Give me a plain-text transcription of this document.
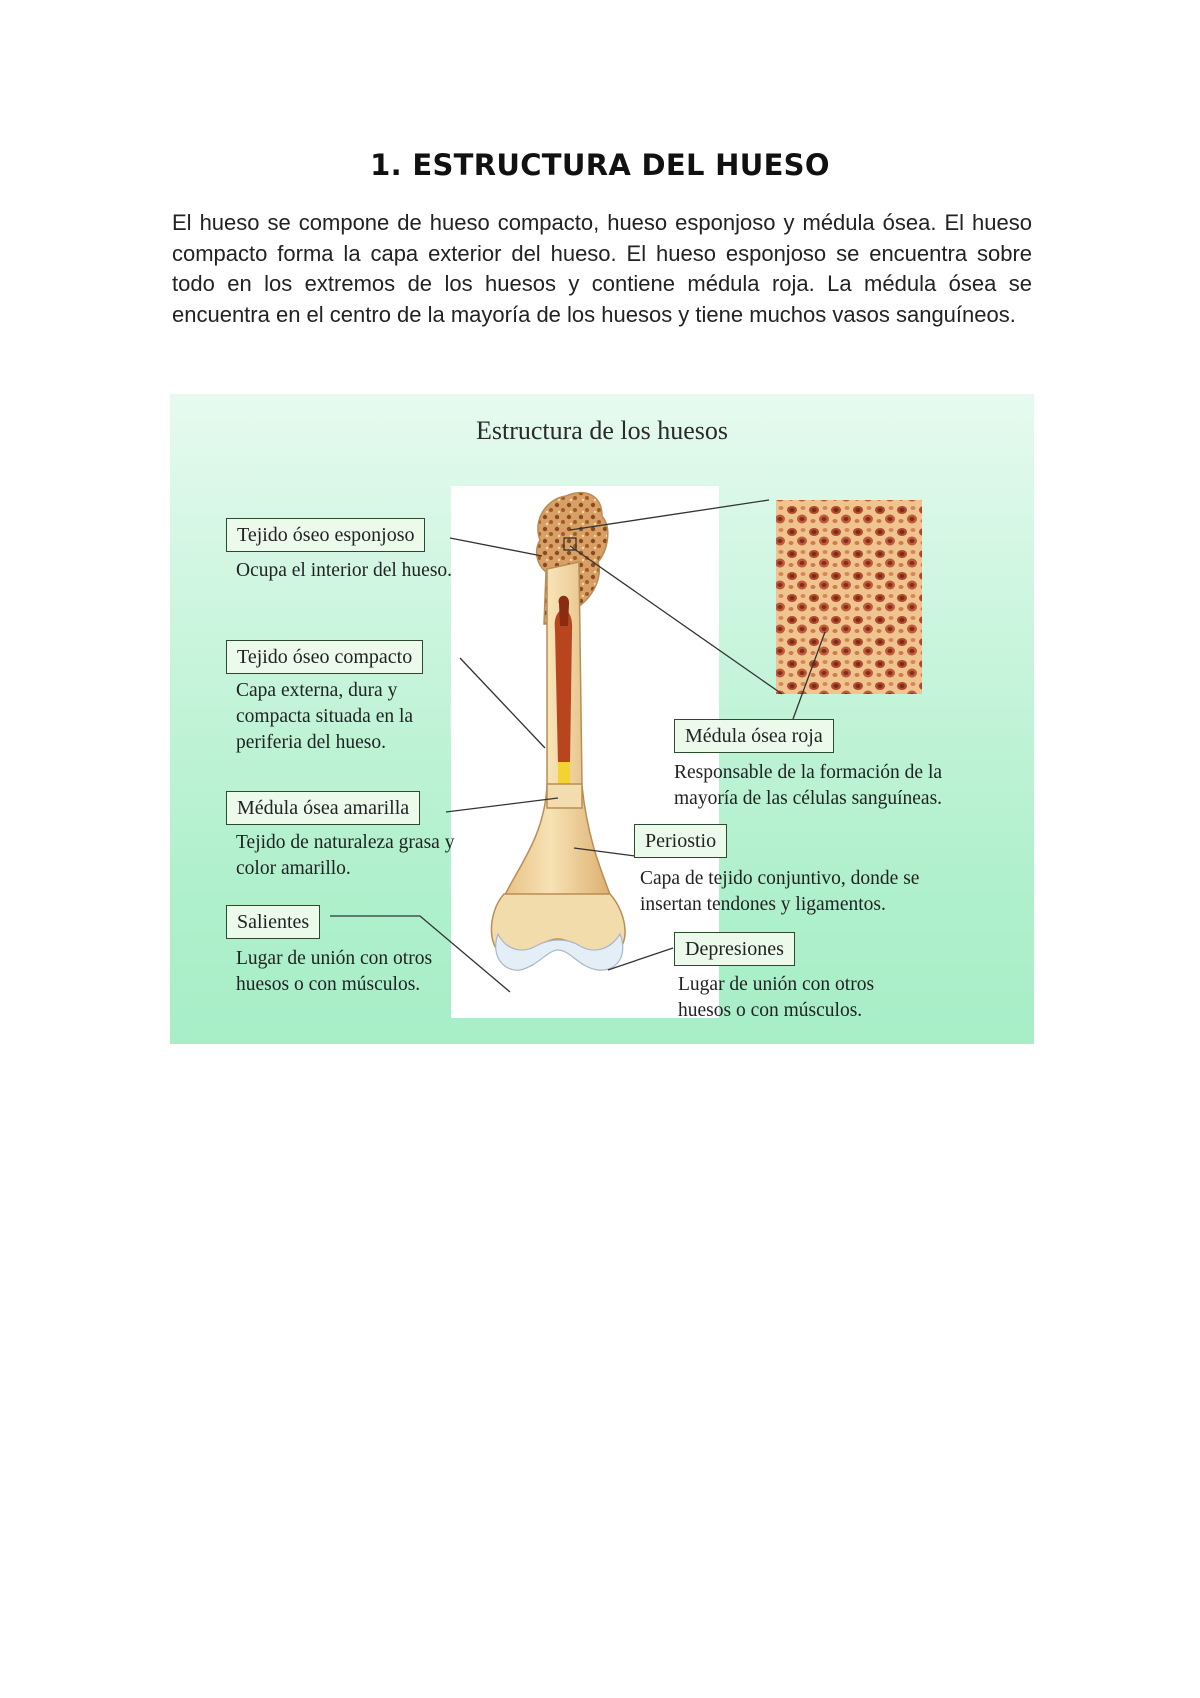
1. ESTRUCTURA DEL HUESO
El hueso se compone de hueso compacto, hueso esponjoso y médula ósea. El hueso compacto forma la capa exterior del hueso. El hueso esponjoso se encuentra sobre todo en los extremos de los huesos y contiene médula roja. La médula ósea se encuentra en el centro de la mayoría de los huesos y tiene muchos vasos sanguíneos.
Estructura de los huesos
Tejido óseo esponjoso
Ocupa el interior del hueso.
Tejido óseo compacto
Capa externa, dura y
compacta situada en la
periferia del hueso.
Médula ósea amarilla
Tejido de naturaleza grasa y
color amarillo.
Salientes
Lugar de unión con otros
huesos o con músculos.
Médula ósea roja
Responsable de la formación de la
mayoría de las células sanguíneas.
Periostio
Capa de tejido conjuntivo, donde se
insertan tendones y ligamentos.
Depresiones
Lugar de unión con otros
huesos o con músculos.
